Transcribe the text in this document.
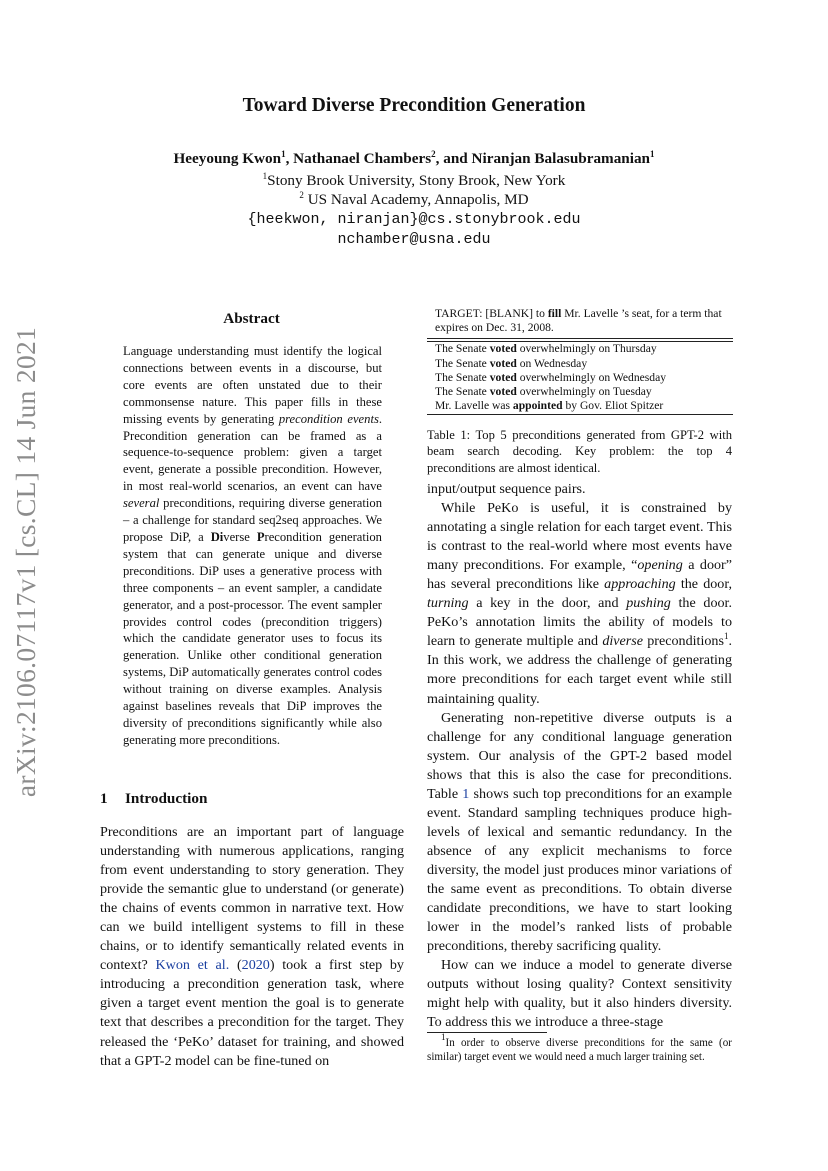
arXiv:2106.07117v1 [cs.CL] 14 Jun 2021
Toward Diverse Precondition Generation
Heeyoung Kwon$^1$, Nathanael Chambers$^2$, and Niranjan Balasubramanian$^1$
$^1$Stony Brook University, Stony Brook, New York
$^2$ US Naval Academy, Annapolis, MD
{heekwon, niranjan}@cs.stonybrook.edu
nchamber@usna.edu
Abstract
Language understanding must identify the logical connections between events in a discourse, but core events are often unstated due to their commonsense nature. This paper fills in these missing events by generating precondition events. Precondition generation can be framed as a sequence-to-sequence problem: given a target event, generate a possible precondition. However, in most real-world scenarios, an event can have several preconditions, requiring diverse generation – a challenge for standard seq2seq approaches. We propose DiP, a Diverse Precondition generation system that can generate unique and diverse preconditions. DiP uses a generative process with three components – an event sampler, a candidate generator, and a post-processor. The event sampler provides control codes (precondition triggers) which the candidate generator uses to focus its generation. Unlike other conditional generation systems, DiP automatically generates control codes without training on diverse examples. Analysis against baselines reveals that DiP improves the diversity of preconditions significantly while also generating more preconditions.
1 Introduction

Preconditions are an important part of language understanding with numerous applications, ranging from event understanding to story generation. They provide the semantic glue to understand (or generate) the chains of events common in narrative text. How can we build intelligent systems to fill in these chains, or to identify semantically related events in context? Kwon et al. (2020) took a first step by introducing a precondition generation task, where given a target event mention the goal is to generate text that describes a precondition for the target. They released the ‘PeKo’ dataset for training, and showed that a GPT-2 model can be fine-tuned on

TARGET: [BLANK] to fill Mr. Lavelle ’s seat, for a term that expires on Dec. 31, 2008.
The Senate voted overwhelmingly on Thursday
The Senate voted on Wednesday
The Senate voted overwhelmingly on Wednesday
The Senate voted overwhelmingly on Tuesday
Mr. Lavelle was appointed by Gov. Eliot Spitzer
Table 1: Top 5 preconditions generated from GPT-2 with beam search decoding. Key problem: the top 4 preconditions are almost identical.

input/output sequence pairs.

While PeKo is useful, it is constrained by annotating a single relation for each target event. This is contrast to the real-world where most events have many preconditions. For example, “opening a door” has several preconditions like approaching the door, turning a key in the door, and pushing the door. PeKo’s annotation limits the ability of models to learn to generate multiple and diverse preconditions$^1$. In this work, we address the challenge of generating more preconditions for each target event while still maintaining quality.

Generating non-repetitive diverse outputs is a challenge for any conditional language generation system. Our analysis of the GPT-2 based model shows that this is also the case for preconditions. Table 1 shows such top preconditions for an example event. Standard sampling techniques produce high-levels of lexical and semantic redundancy. In the absence of any explicit mechanisms to force diversity, the model just produces minor variations of the same event as preconditions. To obtain diverse candidate preconditions, we have to start looking lower in the model’s ranked lists of probable preconditions, thereby sacrificing quality.

How can we induce a model to generate diverse outputs without losing quality? Context sensitivity might help with quality, but it also hinders diversity. To address this we introduce a three-stage

$^1$In order to observe diverse preconditions for the same (or similar) target event we would need a much larger training set.
